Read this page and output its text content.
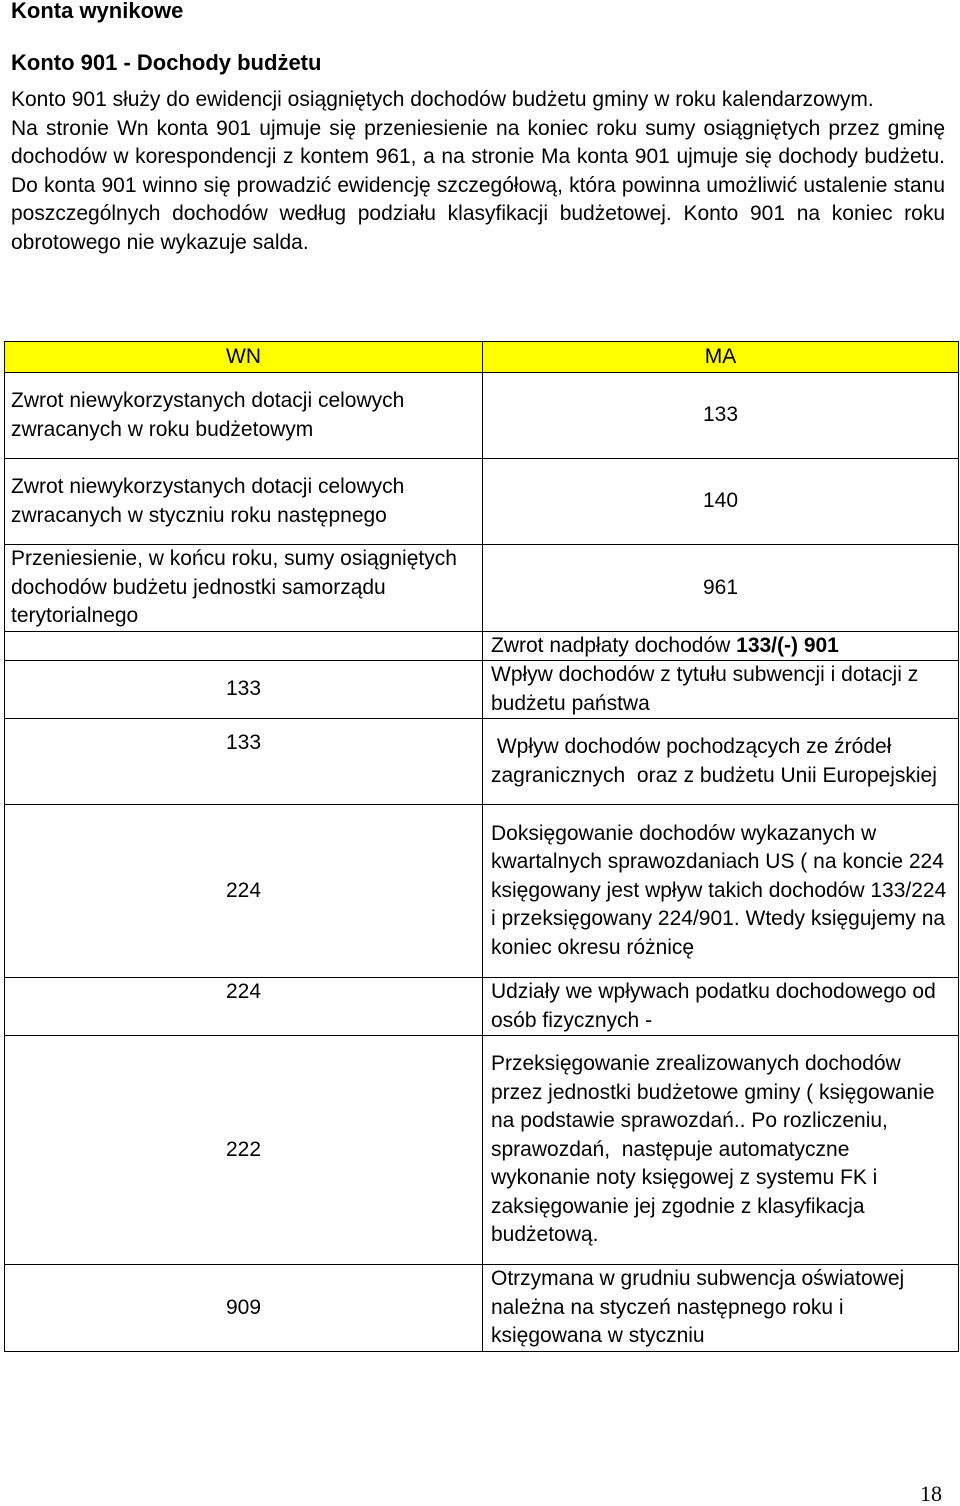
Konta wynikowe
Konto 901 - Dochody budżetu

Konto 901 służy do ewidencji osiągniętych dochodów budżetu gminy w roku kalendarzowym.

Na stronie Wn konta 901 ujmuje się przeniesienie na koniec roku sumy osiągniętych przez gminę dochodów w korespondencji z kontem 961, a na stronie Ma konta 901 ujmuje się dochody budżetu. Do konta 901 winno się prowadzić ewidencję szczegółową, która powinna umożliwić ustalenie stanu poszczególnych dochodów według podziału klasyfikacji budżetowej. Konto 901 na koniec roku obrotowego nie wykazuje salda.

WN	MA
Zwrot niewykorzystanych dotacji celowych zwracanych w roku budżetowym	133
Zwrot niewykorzystanych dotacji celowych zwracanych w styczniu roku następnego	140
Przeniesienie, w końcu roku, sumy osiągniętych dochodów budżetu jednostki samorządu terytorialnego	961
	Zwrot nadpłaty dochodów 133/(-) 901
133	Wpływ dochodów z tytułu subwencji i dotacji z budżetu państwa
133	Wpływ dochodów pochodzących ze źródeł zagranicznych  oraz z budżetu Unii Europejskiej
224	Doksięgowanie dochodów wykazanych w kwartalnych sprawozdaniach US ( na koncie 224 księgowany jest wpływ takich dochodów 133/224 i przeksięgowany 224/901. Wtedy księgujemy na koniec okresu różnicę
224	Udziały we wpływach podatku dochodowego od osób fizycznych -
222	Przeksięgowanie zrealizowanych dochodów przez jednostki budżetowe gminy ( księgowanie na podstawie sprawozdań.. Po rozliczeniu, sprawozdań,  następuje automatyczne wykonanie noty księgowej z systemu FK i zaksięgowanie jej zgodnie z klasyfikacja budżetową.
909	Otrzymana w grudniu subwencja oświatowej należna na styczeń następnego roku i księgowana w styczniu
18
